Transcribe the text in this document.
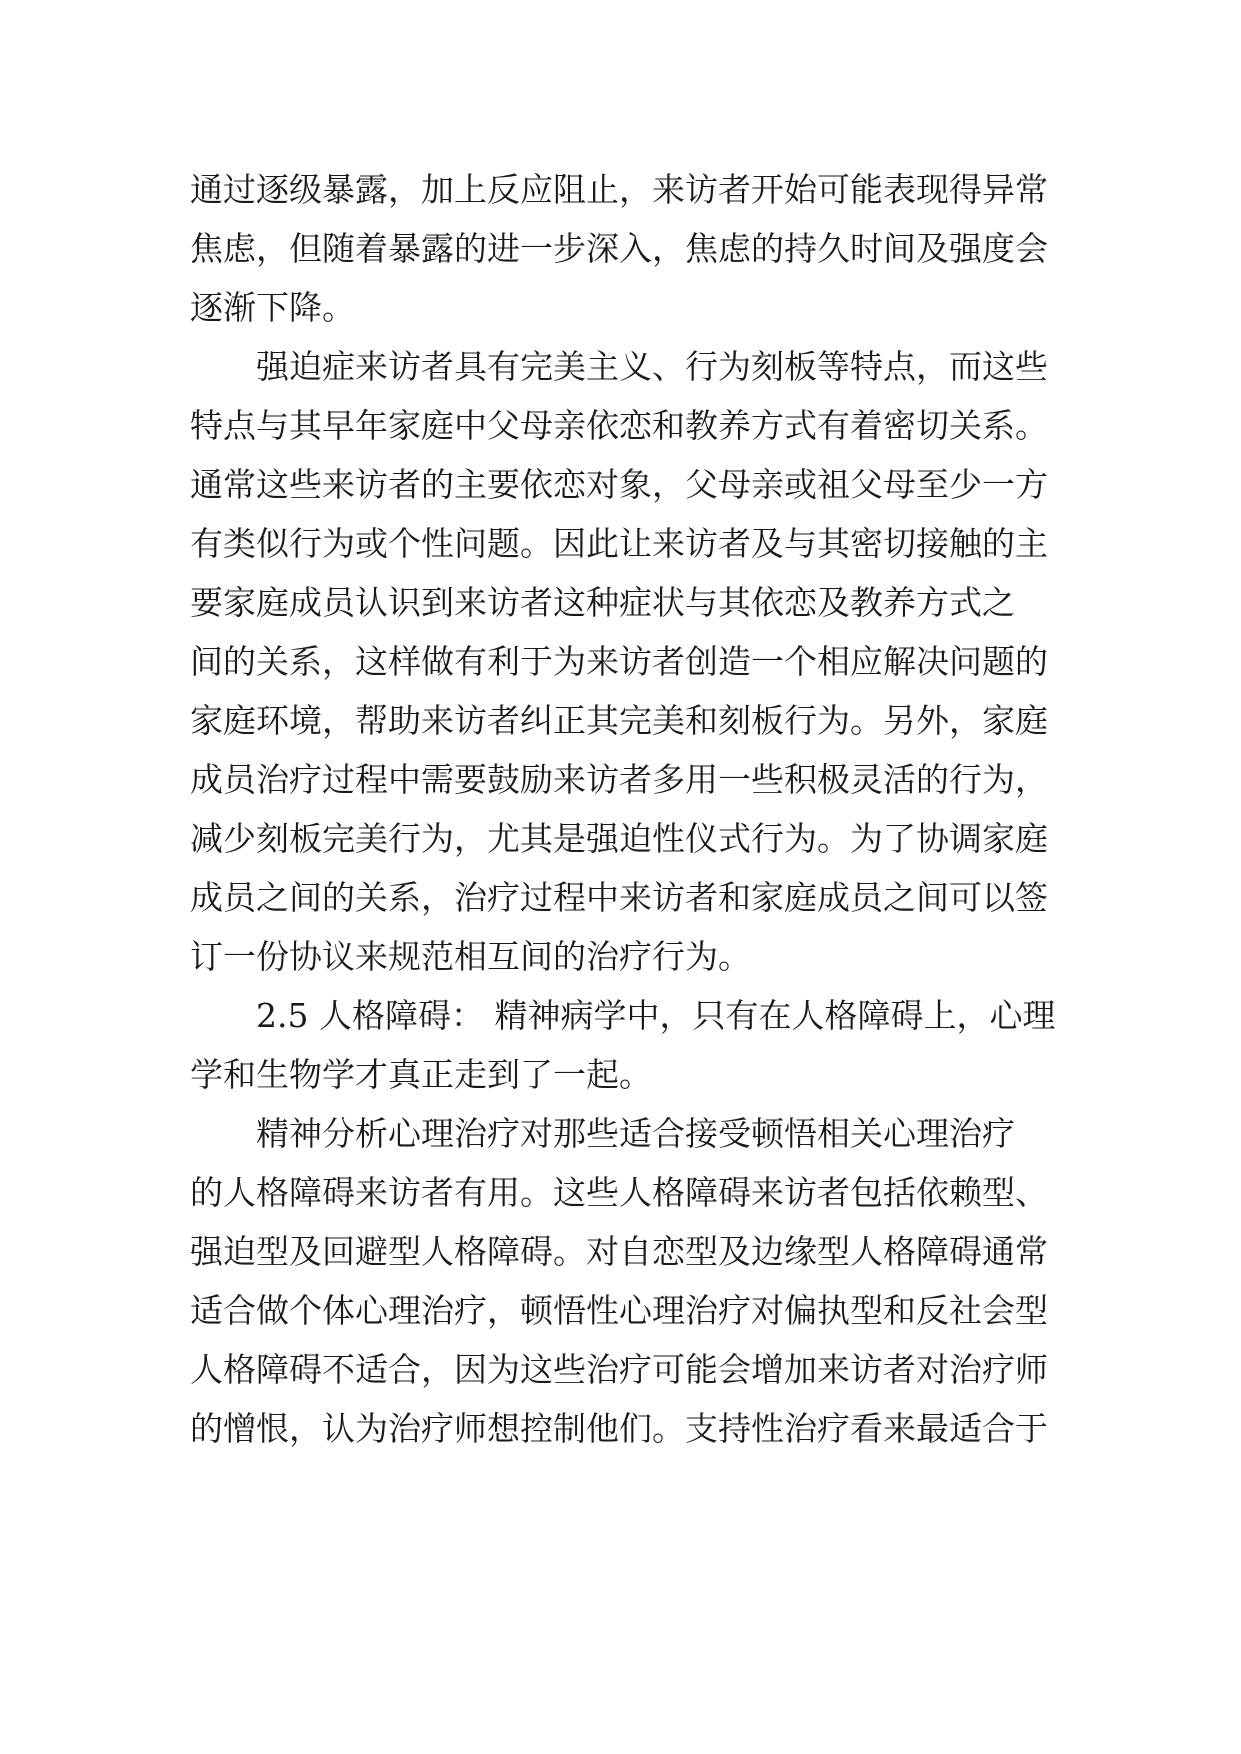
通过逐级暴露，加上反应阻止，来访者开始可能表现得异常
焦虑，但随着暴露的进一步深入，焦虑的持久时间及强度会
逐渐下降。
强迫症来访者具有完美主义、行为刻板等特点，而这些
特点与其早年家庭中父母亲依恋和教养方式有着密切关系。
通常这些来访者的主要依恋对象，父母亲或祖父母至少一方
有类似行为或个性问题。因此让来访者及与其密切接触的主
要家庭成员认识到来访者这种症状与其依恋及教养方式之
间的关系，这样做有利于为来访者创造一个相应解决问题的
家庭环境，帮助来访者纠正其完美和刻板行为。另外，家庭
成员治疗过程中需要鼓励来访者多用一些积极灵活的行为，
减少刻板完美行为，尤其是强迫性仪式行为。为了协调家庭
成员之间的关系，治疗过程中来访者和家庭成员之间可以签
订一份协议来规范相互间的治疗行为。
2.5 人格障碍： 精神病学中，只有在人格障碍上，心理
学和生物学才真正走到了一起。
精神分析心理治疗对那些适合接受顿悟相关心理治疗
的人格障碍来访者有用。这些人格障碍来访者包括依赖型、
强迫型及回避型人格障碍。对自恋型及边缘型人格障碍通常
适合做个体心理治疗，顿悟性心理治疗对偏执型和反社会型
人格障碍不适合，因为这些治疗可能会增加来访者对治疗师
的憎恨，认为治疗师想控制他们。支持性治疗看来最适合于
